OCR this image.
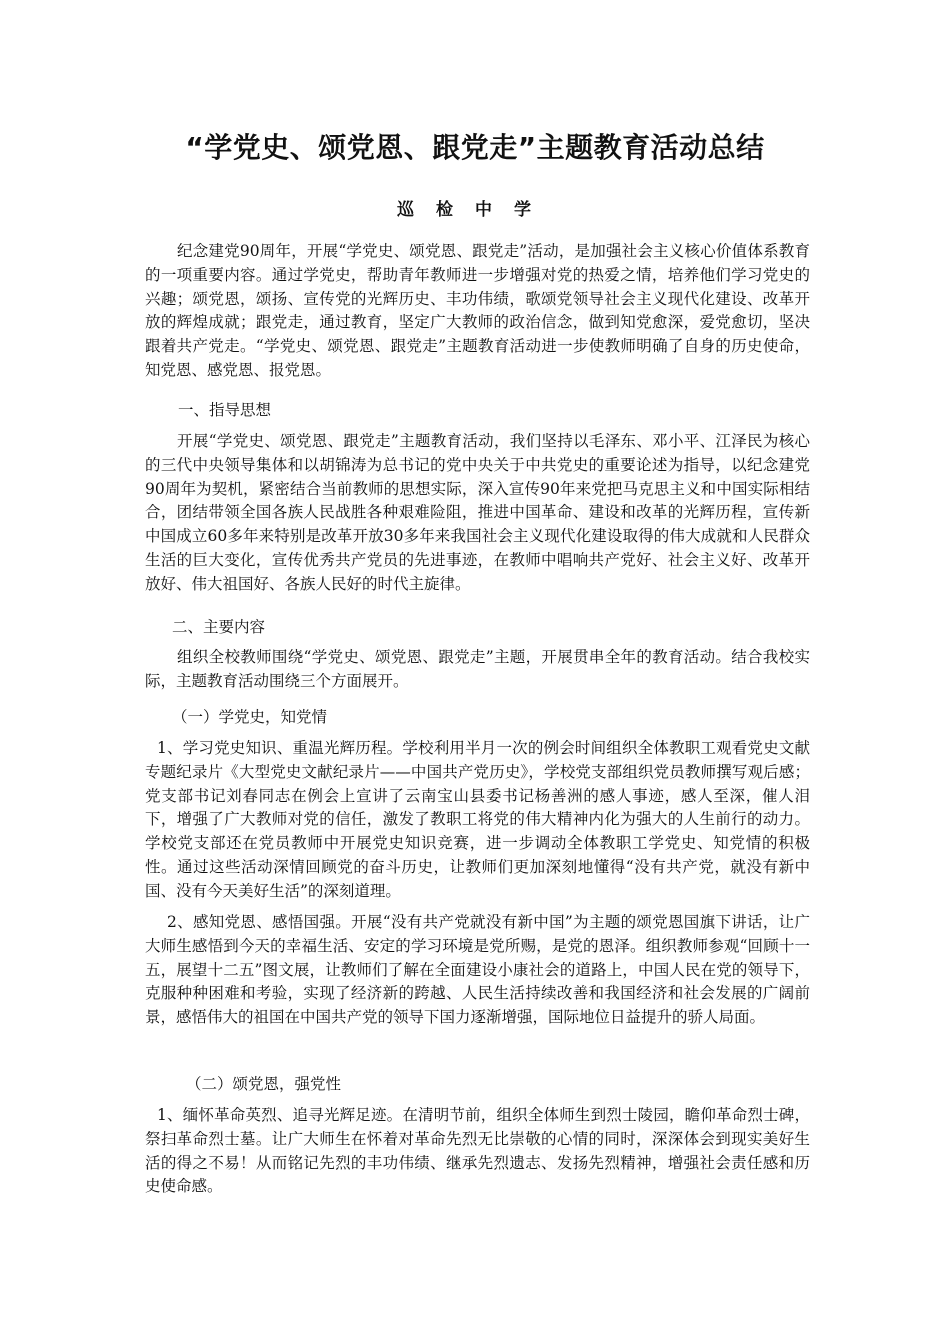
“学党史、颂党恩、跟党走”主题教育活动总结
巡检中学
纪念建党90周年，开展“学党史、颂党恩、跟党走”活动，是加强社会主义核心价值体系教育的一项重要内容。通过学党史，帮助青年教师进一步增强对党的热爱之情，培养他们学习党史的兴趣；颂党恩，颂扬、宣传党的光辉历史、丰功伟绩，歌颂党领导社会主义现代化建设、改革开放的辉煌成就；跟党走，通过教育，坚定广大教师的政治信念，做到知党愈深，爱党愈切，坚决跟着共产党走。“学党史、颂党恩、跟党走”主题教育活动进一步使教师明确了自身的历史使命，知党恩、感党恩、报党恩。
一、指导思想
开展“学党史、颂党恩、跟党走”主题教育活动，我们坚持以毛泽东、邓小平、江泽民为核心的三代中央领导集体和以胡锦涛为总书记的党中央关于中共党史的重要论述为指导，以纪念建党90周年为契机，紧密结合当前教师的思想实际，深入宣传90年来党把马克思主义和中国实际相结合，团结带领全国各族人民战胜各种艰难险阻，推进中国革命、建设和改革的光辉历程，宣传新中国成立60多年来特别是改革开放30多年来我国社会主义现代化建设取得的伟大成就和人民群众生活的巨大变化，宣传优秀共产党员的先进事迹，在教师中唱响共产党好、社会主义好、改革开放好、伟大祖国好、各族人民好的时代主旋律。
二、主要内容
组织全校教师围绕“学党史、颂党恩、跟党走”主题，开展贯串全年的教育活动。结合我校实际，主题教育活动围绕三个方面展开。
（一）学党史，知党情
1、学习党史知识、重温光辉历程。学校利用半月一次的例会时间组织全体教职工观看党史文献专题纪录片《大型党史文献纪录片——中国共产党历史》，学校党支部组织党员教师撰写观后感；党支部书记刘春同志在例会上宣讲了云南宝山县委书记杨善洲的感人事迹，感人至深，催人泪下，增强了广大教师对党的信任，激发了教职工将党的伟大精神内化为强大的人生前行的动力。学校党支部还在党员教师中开展党史知识竞赛，进一步调动全体教职工学党史、知党情的积极性。通过这些活动深情回顾党的奋斗历史，让教师们更加深刻地懂得“没有共产党，就没有新中国、没有今天美好生活”的深刻道理。
2、感知党恩、感悟国强。开展“没有共产党就没有新中国”为主题的颂党恩国旗下讲话，让广大师生感悟到今天的幸福生活、安定的学习环境是党所赐，是党的恩泽。组织教师参观“回顾十一五，展望十二五”图文展，让教师们了解在全面建设小康社会的道路上，中国人民在党的领导下，克服种种困难和考验，实现了经济新的跨越、人民生活持续改善和我国经济和社会发展的广阔前景，感悟伟大的祖国在中国共产党的领导下国力逐渐增强，国际地位日益提升的骄人局面。
（二）颂党恩，强党性
1、缅怀革命英烈、追寻光辉足迹。在清明节前，组织全体师生到烈士陵园，瞻仰革命烈士碑，祭扫革命烈士墓。让广大师生在怀着对革命先烈无比崇敬的心情的同时，深深体会到现实美好生活的得之不易！从而铭记先烈的丰功伟绩、继承先烈遗志、发扬先烈精神，增强社会责任感和历史使命感。
